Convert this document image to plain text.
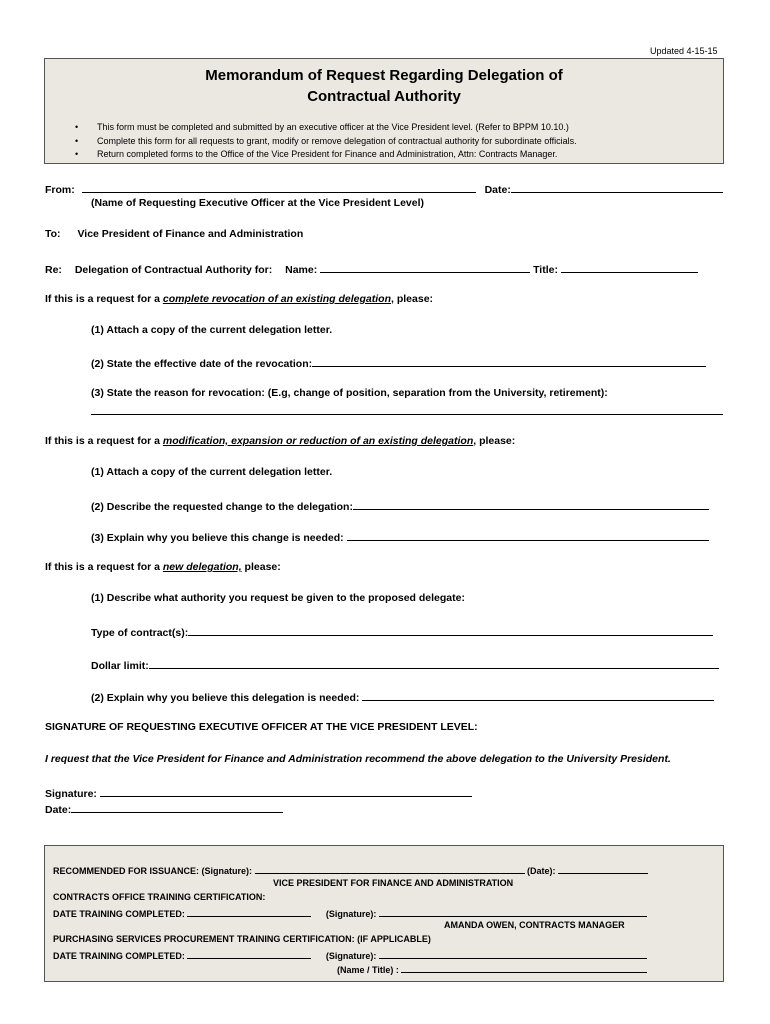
Updated 4-15-15
Memorandum of Request Regarding Delegation of
Contractual Authority
• This form must be completed and submitted by an executive officer at the Vice President level. (Refer to BPPM 10.10.)
• Complete this form for all requests to grant, modify or remove delegation of contractual authority for subordinate officials.
• Return completed forms to the Office of the Vice President for Finance and Administration, Attn: Contracts Manager.
From:	Date:
(Name of Requesting Executive Officer at the Vice President Level)
To: Vice President of Finance and Administration
Re: Delegation of Contractual Authority for: Name:	Title:
If this is a request for a complete revocation of an existing delegation, please:
(1) Attach a copy of the current delegation letter.
(2) State the effective date of the revocation:
(3) State the reason for revocation: (E.g, change of position, separation from the University, retirement):
If this is a request for a modification, expansion or reduction of an existing delegation, please:
(1) Attach a copy of the current delegation letter.
(2) Describe the requested change to the delegation:
(3) Explain why you believe this change is needed:
If this is a request for a new delegation, please:
(1) Describe what authority you request be given to the proposed delegate:
Type of contract(s):
Dollar limit:
(2) Explain why you believe this delegation is needed:
SIGNATURE OF REQUESTING EXECUTIVE OFFICER AT THE VICE PRESIDENT LEVEL:
I request that the Vice President for Finance and Administration recommend the above delegation to the University President.
Signature:
Date:
RECOMMENDED FOR ISSUANCE: (Signature):	(Date):
VICE PRESIDENT FOR FINANCE AND ADMINISTRATION
CONTRACTS OFFICE TRAINING CERTIFICATION:
DATE TRAINING COMPLETED:	(Signature):
AMANDA OWEN, CONTRACTS MANAGER
PURCHASING SERVICES PROCUREMENT TRAINING CERTIFICATION: (IF APPLICABLE)
DATE TRAINING COMPLETED:	(Signature):
(Name / Title) :
